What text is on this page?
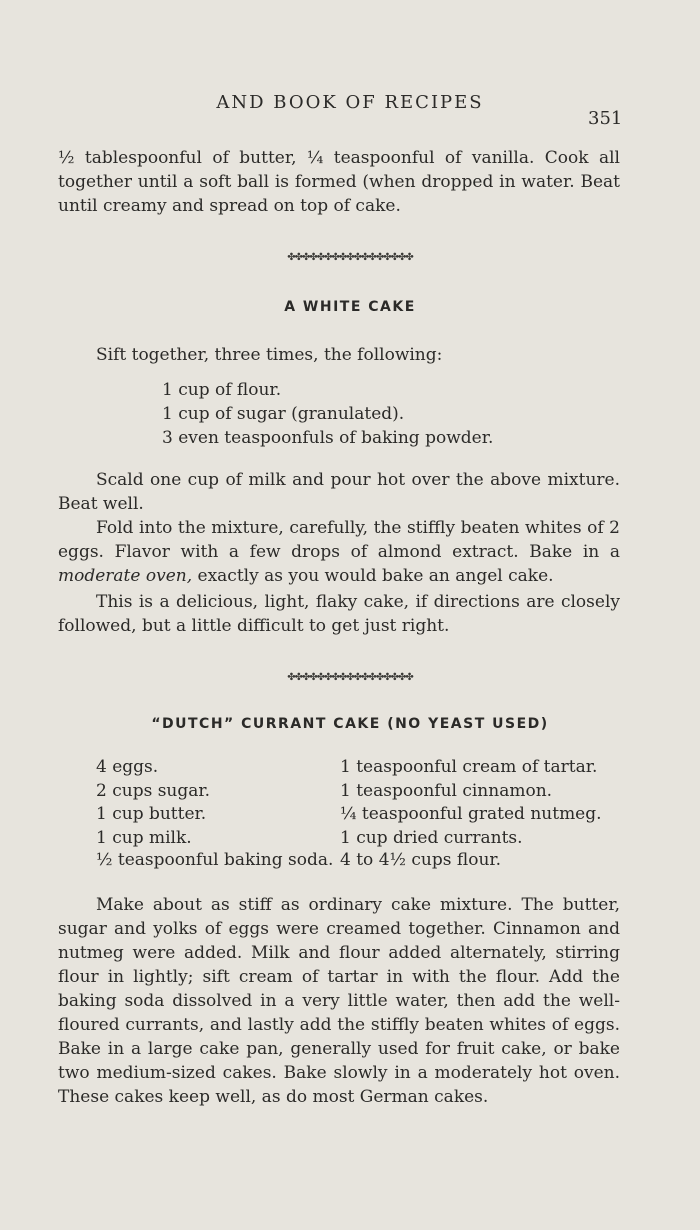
AND BOOK OF RECIPES
351

½ tablespoonful of butter, ¼ teaspoonful of vanilla. Cook all together until a soft ball is formed (when dropped in water. Beat until creamy and spread on top of cake.

✤✤✤✤✤✤✤✤✤✤✤✤✤✤✤✤✤
A WHITE CAKE

Sift together, three times, the following:

1 cup of flour.
1 cup of sugar (granulated).
3 even teaspoonfuls of baking powder.

Scald one cup of milk and pour hot over the above mixture. Beat well.

Fold into the mixture, carefully, the stiffly beaten whites of 2 eggs. Flavor with a few drops of almond extract. Bake in a moderate oven, exactly as you would bake an angel cake.

This is a delicious, light, flaky cake, if directions are closely followed, but a little difficult to get just right.

✤✤✤✤✤✤✤✤✤✤✤✤✤✤✤✤✤
“DUTCH” CURRANT CAKE (NO YEAST USED)
4 eggs.
2 cups sugar.
1 cup butter.
1 cup milk.
1 teaspoonful cream of tartar.
1 teaspoonful cinnamon.
¼ teaspoonful grated nutmeg.
1 cup dried currants.
½ teaspoonful baking soda. 4 to 4½ cups flour.

Make about as stiff as ordinary cake mixture. The butter, sugar and yolks of eggs were creamed together. Cinnamon and nutmeg were added. Milk and flour added alternately, stirring flour in lightly; sift cream of tartar in with the flour. Add the baking soda dissolved in a very little water, then add the well-floured currants, and lastly add the stiffly beaten whites of eggs. Bake in a large cake pan, generally used for fruit cake, or bake two medium-sized cakes. Bake slowly in a moderately hot oven. These cakes keep well, as do most German cakes.
